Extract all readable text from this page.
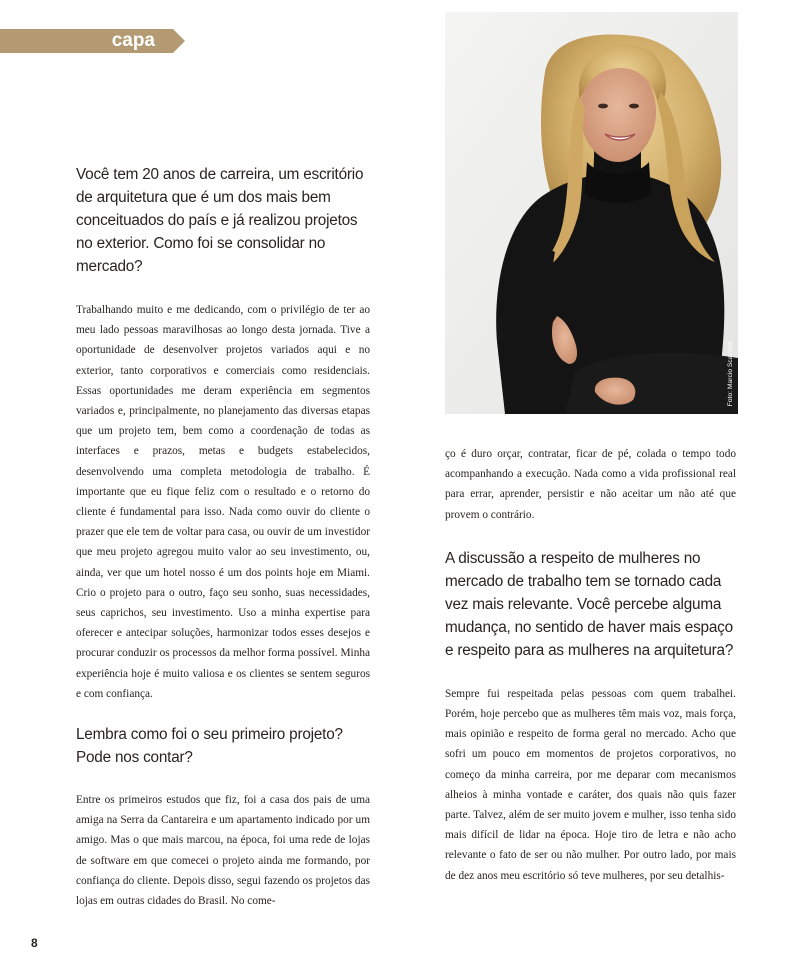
capa
Foto: Marcio Scavone

Você tem 20 anos de carreira, um escritório de arquitetura que é um dos mais bem conceituados do país e já realizou projetos no exterior. Como foi se consolidar no mercado?

Trabalhando muito e me dedicando, com o privilégio de ter ao meu lado pessoas maravilhosas ao longo desta jornada. Tive a oportunidade de desenvolver projetos variados aqui e no exterior, tanto corporativos e comerciais como residenciais. Essas oportunidades me deram experiência em segmentos variados e, principalmente, no planejamento das diversas etapas que um projeto tem, bem como a coordenação de todas as interfaces e prazos, metas e budgets estabelecidos, desenvolvendo uma completa metodologia de trabalho. É importante que eu fique feliz com o resultado e o retorno do cliente é fundamental para isso. Nada como ouvir do cliente o prazer que ele tem de voltar para casa, ou ouvir de um investidor que meu projeto agregou muito valor ao seu investimento, ou, ainda, ver que um hotel nosso é um dos points hoje em Miami. Crio o projeto para o outro, faço seu sonho, suas necessidades, seus caprichos, seu investimento. Uso a minha expertise para oferecer e antecipar soluções, harmonizar todos esses desejos e procurar conduzir os processos da melhor forma possível. Minha experiência hoje é muito valiosa e os clientes se sentem seguros e com confiança.

Lembra como foi o seu primeiro projeto? Pode nos contar?

Entre os primeiros estudos que fiz, foi a casa dos pais de uma amiga na Serra da Cantareira e um apartamento indicado por um amigo. Mas o que mais marcou, na época, foi uma rede de lojas de software em que comecei o projeto ainda me formando, por confiança do cliente. Depois disso, segui fazendo os projetos das lojas em outras cidades do Brasil. No come-

ço é duro orçar, contratar, ficar de pé, colada o tempo todo acompanhando a execução. Nada como a vida profissional real para errar, aprender, persistir e não aceitar um não até que provem o contrário.

A discussão a respeito de mulheres no mercado de trabalho tem se tornado cada vez mais relevante. Você percebe alguma mudança, no sentido de haver mais espaço e respeito para as mulheres na arquitetura?

Sempre fui respeitada pelas pessoas com quem trabalhei. Porém, hoje percebo que as mulheres têm mais voz, mais força, mais opinião e respeito de forma geral no mercado. Acho que sofri um pouco em momentos de projetos corporativos, no começo da minha carreira, por me deparar com mecanismos alheios à minha vontade e caráter, dos quais não quis fazer parte. Talvez, além de ser muito jovem e mulher, isso tenha sido mais difícil de lidar na época. Hoje tiro de letra e não acho relevante o fato de ser ou não mulher. Por outro lado, por mais de dez anos meu escritório só teve mulheres, por seu detalhis-

8
